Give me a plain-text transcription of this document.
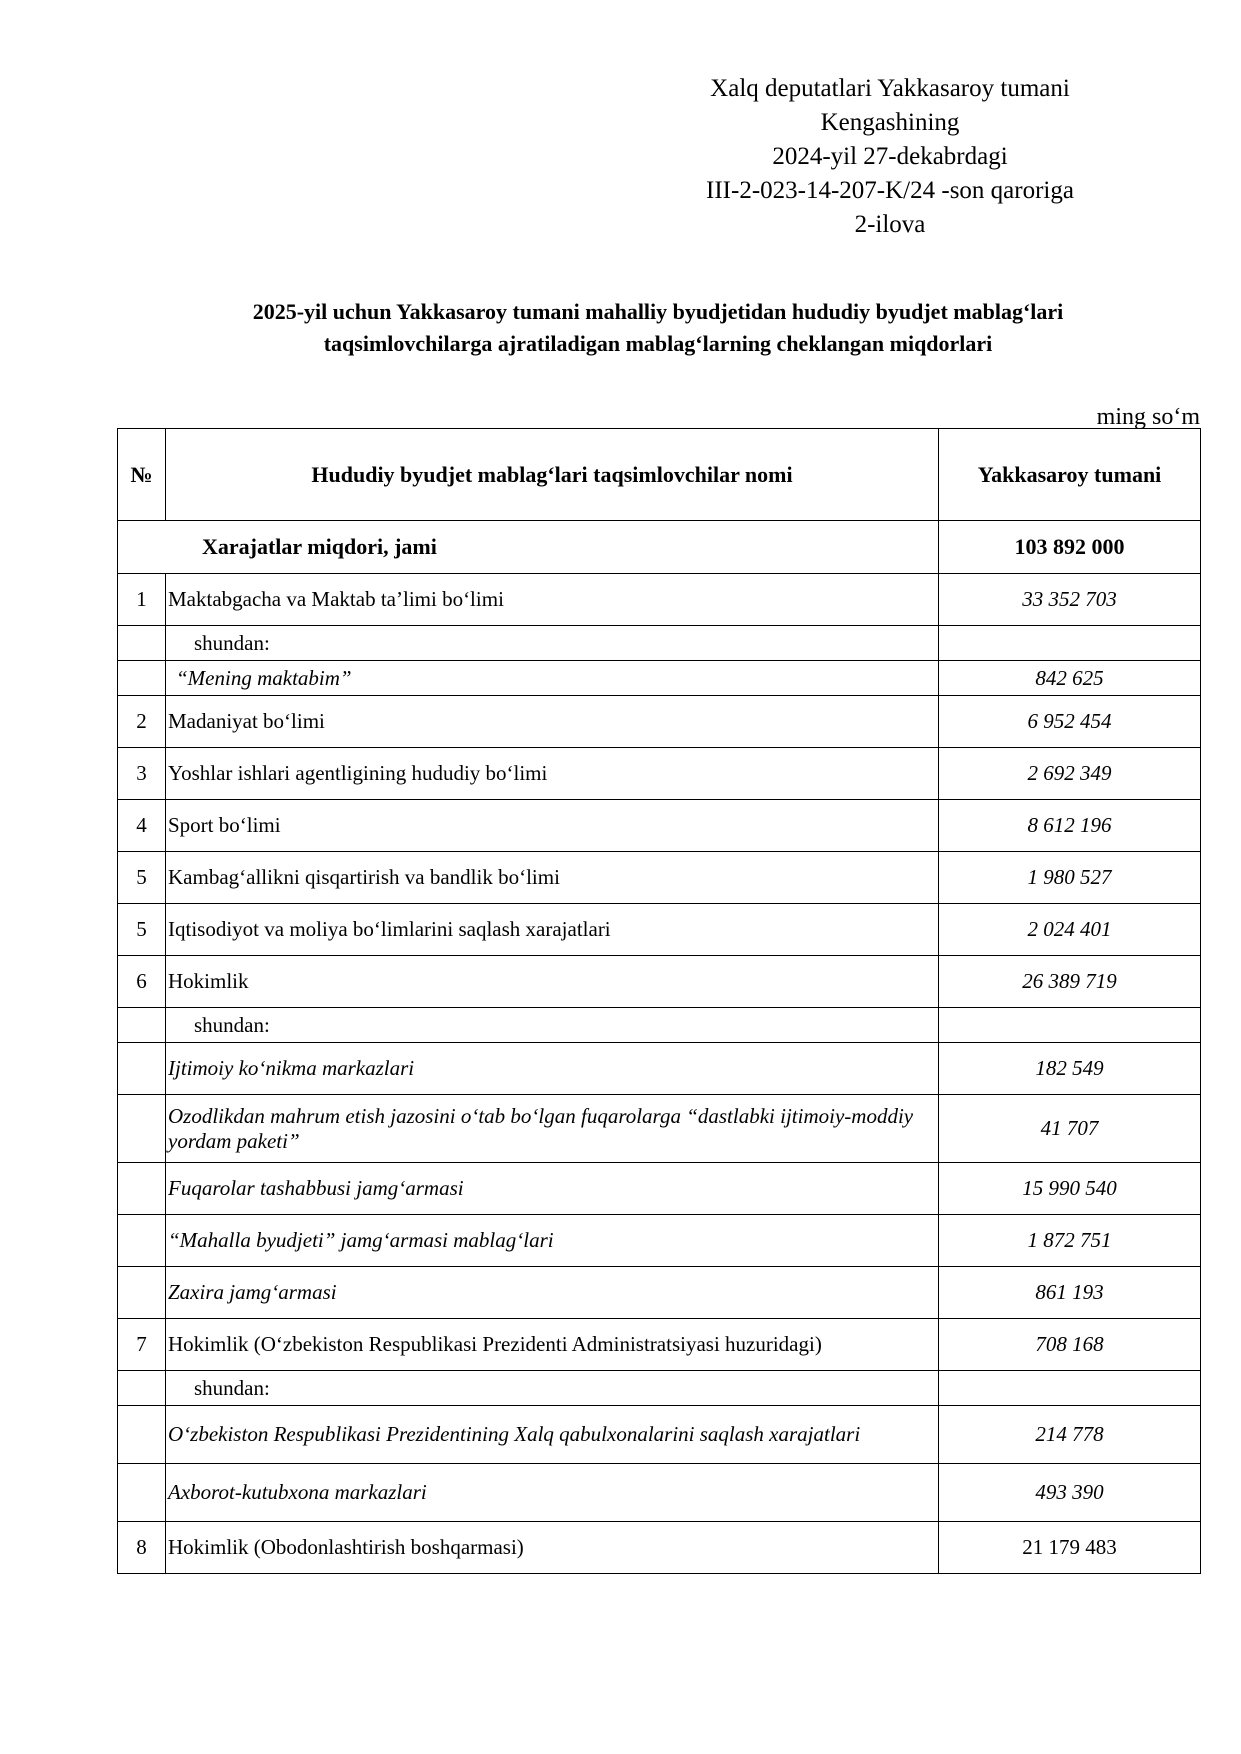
Xalq deputatlari Yakkasaroy tumani
Kengashining
2024-yil 27-dekabrdagi
III-2-023-14-207-K/24 -son qaroriga
2-ilova
2025-yil uchun Yakkasaroy tumani mahalliy byudjetidan hududiy byudjet mablag‘lari
taqsimlovchilarga ajratiladigan mablag‘larning cheklangan miqdorlari
ming so‘m
№	Hududiy byudjet mablag‘lari taqsimlovchilar nomi	Yakkasaroy tumani
Xarajatlar miqdori, jami		103 892 000
1	Maktabgacha va Maktab ta’limi bo‘limi	33 352 703
	shundan:	
	“Mening maktabim”	842 625
2	Madaniyat bo‘limi	6 952 454
3	Yoshlar ishlari agentligining hududiy bo‘limi	2 692 349
4	Sport bo‘limi	8 612 196
5	Kambag‘allikni qisqartirish va bandlik bo‘limi	1 980 527
5	Iqtisodiyot va moliya bo‘limlarini saqlash xarajatlari	2 024 401
6	Hokimlik	26 389 719
	shundan:	
	Ijtimoiy ko‘nikma markazlari	182 549
	Ozodlikdan mahrum etish jazosini o‘tab bo‘lgan fuqarolarga “dastlabki ijtimoiy-moddiy yordam paketi”	41 707
	Fuqarolar tashabbusi jamg‘armasi	15 990 540
	“Mahalla byudjeti” jamg‘armasi mablag‘lari	1 872 751
	Zaxira jamg‘armasi	861 193
7	Hokimlik (O‘zbekiston Respublikasi Prezidenti Administratsiyasi huzuridagi)	708 168
	shundan:	
	O‘zbekiston Respublikasi Prezidentining Xalq qabulxonalarini saqlash xarajatlari	214 778
	Axborot-kutubxona markazlari	493 390
8	Hokimlik (Obodonlashtirish boshqarmasi)	21 179 483
